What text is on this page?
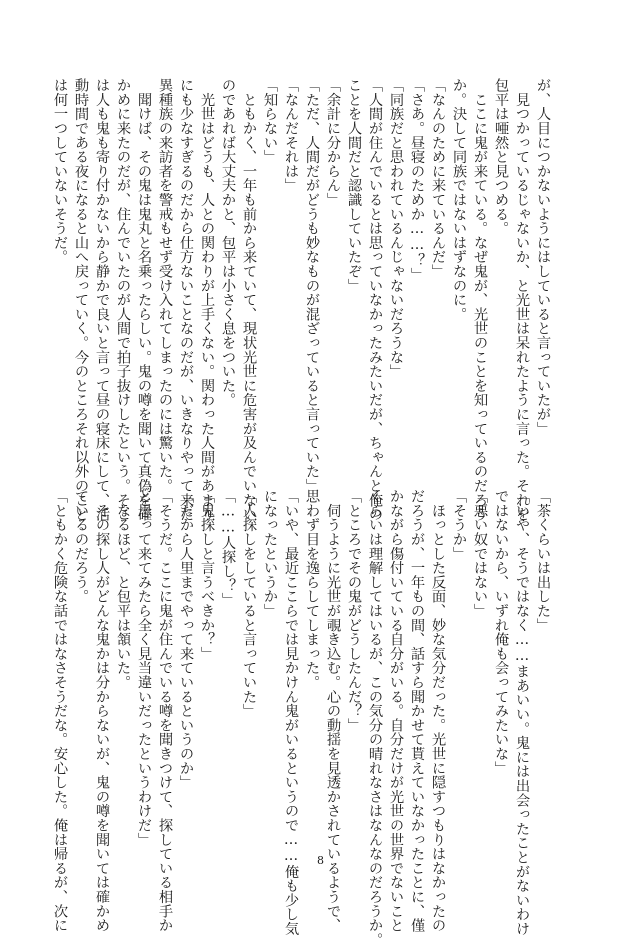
が、人目につかないようにはしていると言っていたが」
　見つかっているじゃないか、と光世は呆れたように言った。それを
包平は唖然と見つめる。
　ここに鬼が来ている。なぜ鬼が、光世のことを知っているのだろう
か。決して同族ではないはずなのに。
「なんのために来ているんだ」
「さあ。昼寝のためか……？」
「同族だと思われているんじゃないだろうな」
「人間が住んでいるとは思っていなかったみたいだが、ちゃんと俺の
ことを人間だと認識していたぞ」
「余計に分からん」
「ただ、人間だがどうも妙なものが混ざっていると言っていた」
「なんだそれは」
「知らない」
　ともかく、一年も前から来ていて、現状光世に危害が及んでいない
のであれば大丈夫かと、包平は小さく息をついた。
　光世はどうも、人との関わりが上手くない。関わった人間があまり
にも少なすぎるのだから仕方ないことなのだが、いきなりやって来た
異種族の来訪者を警戒もせず受け入れてしまったのには驚いた。
　聞けば、その鬼は鬼丸と名乗ったらしい。鬼の噂を聞いて真偽を確
かめに来たのだが、住んでいたのが人間で拍子抜けしたという。そこ
は人も鬼も寄り付かないから静かで良いと言って昼の寝床にして、活
動時間である夜になると山へ戻っていく。今のところそれ以外のこと
は何一つしていないそうだ。
「茶くらいは出した」
「いや、そうではなく……まあいい。鬼には出会ったことがないわけ
ではないから、いずれ俺も会ってみたいな」
「悪い奴ではない」
「そうか」
　ほっとした反面、妙な気分だった。光世に隠すつもりはなかったの
だろうが、一年もの間、話すら聞かせて貰えていなかったことに、僅
かながら傷付いている自分がいる。自分だけが光世の世界でないこと
くらいは理解してはいるが、この気分の晴れなさはなんなのだろうか。
「ところでその鬼がどうしたんだ？」
　伺うように光世が覗き込む。心の動揺を見透かされているようで、
思わず目を逸らしてしまった。
「いや、最近ここらでは見かけん鬼がいるというので……俺も少し気
になったというか」
「人探しをしていると言っていた」
「……人探し？」
「鬼探しと言うべきか？」
「だから人里までやって来ているというのか」
「そうだ。ここに鬼が住んでいる噂を聞きつけて、探している相手か
と思って来てみたら全く見当違いだったというわけだ」
　なるほど、と包平は頷いた。
　その探し人がどんな鬼かは分からないが、鬼の噂を聞いては確かめ
ているのだろう。
「ともかく危険な話ではなさそうだな。安心した。俺は帰るが、次に	8
